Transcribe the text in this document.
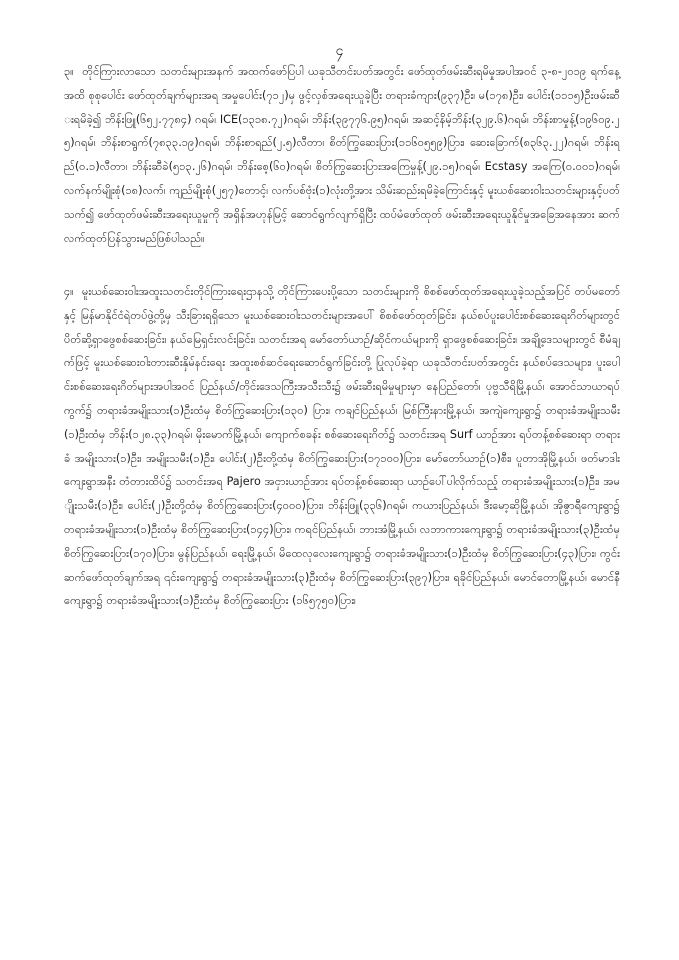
၄

၃။ တိုင်ကြားလာသော သတင်းများအနက် အထက်ဖော်ပြပါ ယခုသီတင်းပတ်အတွင်း ဖော်ထုတ်ဖမ်းဆီးရမိမှုအပါအဝင် ၃-၈-၂၀၁၉ ရက်နေ့အထိ စုစုပေါင်း ဖော်ထုတ်ချက်များအရ အမှုပေါင်း(၇၁၂)မှ ဖွင့်လှစ်အရေးယူခဲ့ပြီး တရားခံကျား(၉၃၇)ဦး၊ မ(၁၇၈)ဦး၊ ပေါင်း(၁၁၁၅)ဦးဖမ်းဆီးရမိခဲ့၍ ဘိန်းဖြူ(၆၅၂.၇၇၈၄) ဂရမ်၊ ICE(၁၃၁၈.၇၂)ဂရမ်၊ ဘိန်း(၃၉၇၇၆.၉၅)ဂရမ်၊ အဆင့်နိမ့်ဘိန်း(၃၂၉.၆)ဂရမ်၊ ဘိန်းစာမှုန့်(၁၉၆၀၉.၂၅)ဂရမ်၊ ဘိန်းစာရွက်(၇၈၃၃.၁၉)ဂရမ်၊ ဘိန်းစာရည်(၂.၅)လီတာ၊ စိတ်ကြွဆေးပြား(၁၁၆၀၅၅၉)ပြား၊ ဆေးခြောက်(၈၃၆၃.၂၂)ဂရမ်၊ ဘိန်းရည်(၀.၁)လီတာ၊ ဘိန်းဆီခဲ(၅၁၃.၂၆)ဂရမ်၊ ဘိန်းစေ့(၆၀)ဂရမ်၊ စိတ်ကြွဆေးပြားအကြေမှုန့်(၂၉.၁၅)ဂရမ်၊ Ecstasy အကြေ(၀.၀၀၁)ဂရမ်၊ လက်နက်မျိုးစုံ(၁၈)လက်၊ ကျည်မျိုးစုံ(၂၅၇)တောင့်၊ လက်ပစ်ဗုံး(၁)လုံးတို့အား သိမ်းဆည်းရမိခဲ့ကြောင်းနှင့် မူးယစ်ဆေးဝါးသတင်းများနှင့်ပတ်သက်၍ ဖော်ထုတ်ဖမ်းဆီးအရေးယူမှုကို အရှိန်အဟုန်မြင့် ဆောင်ရွက်လျက်ရှိပြီး ထပ်မံဖော်ထုတ် ဖမ်းဆီးအရေးယူနိုင်မှုအခြေအနေအား ဆက်လက်ထုတ်ပြန်သွားမည်ဖြစ်ပါသည်။

၄။ မူးယစ်ဆေးဝါးအထူးသတင်းတိုင်ကြားရေးဌာနသို့ တိုင်ကြားပေးပို့သော သတင်းများကို စိစစ်ဖော်ထုတ်အရေးယူခဲ့သည့်အပြင် တပ်မတော်နှင့် မြန်မာနိုင်ငံရဲတပ်ဖွဲ့တို့မှ သီးခြားရရှိသော မူးယစ်ဆေးဝါးသတင်းများအပေါ် စိစစ်ဖော်ထုတ်ခြင်း၊ နယ်စပ်ပူးပေါင်းစစ်ဆေးရေးဂိတ်များတွင် ပိတ်ဆို့ရှာဖွေစစ်ဆေးခြင်း၊ နယ်မြေရှင်းလင်းခြင်း၊ သတင်းအရ မော်တော်ယာဉ်/ဆိုင်ကယ်များကို ရှာဖွေစစ်ဆေးခြင်း၊ အချို့ဒေသများတွင် စီမံချက်ဖြင့် မူးယစ်ဆေးဝါးတားဆီးနှိမ်နင်းရေး အထူးစစ်ဆင်ရေးဆောင်ရွက်ခြင်းတို့ ပြုလုပ်ခဲ့ရာ ယခုသီတင်းပတ်အတွင်း နယ်စပ်ဒေသများ၊ ပူးပေါင်းစစ်ဆေးရေးဂိတ်များအပါအဝင် ပြည်နယ်/တိုင်းဒေသကြီးအသီးသီး၌ ဖမ်းဆီးရမိမှုများမှာ နေပြည်တော်၊ ပုဗ္ဗသီရိမြို့နယ်၊ အောင်သာယာရပ်ကွက်၌ တရားခံအမျိုးသား(၁)ဦးထံမှ စိတ်ကြွဆေးပြား(၁၃၀) ပြား၊ ကချင်ပြည်နယ်၊ မြစ်ကြီးနားမြို့နယ်၊ အကျဲကျေးရွာ၌ တရားခံအမျိုးသမီး(၁)ဦးထံမှ ဘိန်း(၁၂၈.၃၃)ဂရမ်၊ မိုးမောက်မြို့နယ်၊ ကျောက်စခန်း စစ်ဆေးရေးဂိတ်၌ သတင်းအရ Surf ယာဉ်အား ရပ်တန့်စစ်ဆေးရာ တရားခံ အမျိုးသား(၁)ဦး၊ အမျိုးသမီး(၁)ဦး၊ ပေါင်း(၂)ဦးတို့ထံမှ စိတ်ကြွဆေးပြား(၁၇၁၀၀)ပြား၊ မော်တော်ယာဉ်(၁)စီး၊ ပူတာအိုမြို့နယ်၊ ဖတ်မာဒါးကျေးရွာအနီး တံတားထိပ်၌ သတင်းအရ Pajero အငှားယာဉ်အား ရပ်တန့်စစ်ဆေးရာ ယာဉ်ပေါ်ပါလိုက်သည့် တရားခံအမျိုးသား(၁)ဦး၊ အမျိုးသမီး(၁)ဦး၊ ပေါင်း(၂)ဦးတို့ထံမှ စိတ်ကြွဆေးပြား(၄၀၀၀)ပြား၊ ဘိန်းဖြူ(၃၃၆)ဂရမ်၊ ကယားပြည်နယ်၊ ဒီးမော့ဆိုမြို့နယ်၊ အိုဇွာရီကျေးရွာ၌ တရားခံအမျိုးသား(၁)ဦးထံမှ စိတ်ကြွဆေးပြား(၁၄၄)ပြား၊ ကရင်ပြည်နယ်၊ ဘားအံမြို့နယ်၊ လဘာကားကျေးရွာ၌ တရားခံအမျိုးသား(၃)ဦးထံမှ စိတ်ကြွဆေးပြား(၁၇၀)ပြား၊ မွန်ပြည်နယ်၊ ရေးမြို့နယ်၊ မိထေလုလေးကျေးရွာ၌ တရားခံအမျိုးသား(၁)ဦးထံမှ စိတ်ကြွဆေးပြား(၄၃)ပြား၊ ကွင်းဆက်ဖော်ထုတ်ချက်အရ ၎င်းကျေးရွာ၌ တရားခံအမျိုးသား(၃)ဦးထံမှ စိတ်ကြွဆေးပြား(၃၉၇)ပြား၊ ရခိုင်ပြည်နယ်၊ မောင်တောမြို့နယ်၊ မောင်နီကျေးရွာ၌ တရားခံအမျိုးသား(၁)ဦးထံမှ စိတ်ကြွဆေးပြား (၁၆၅၇၅၀)ပြား၊
